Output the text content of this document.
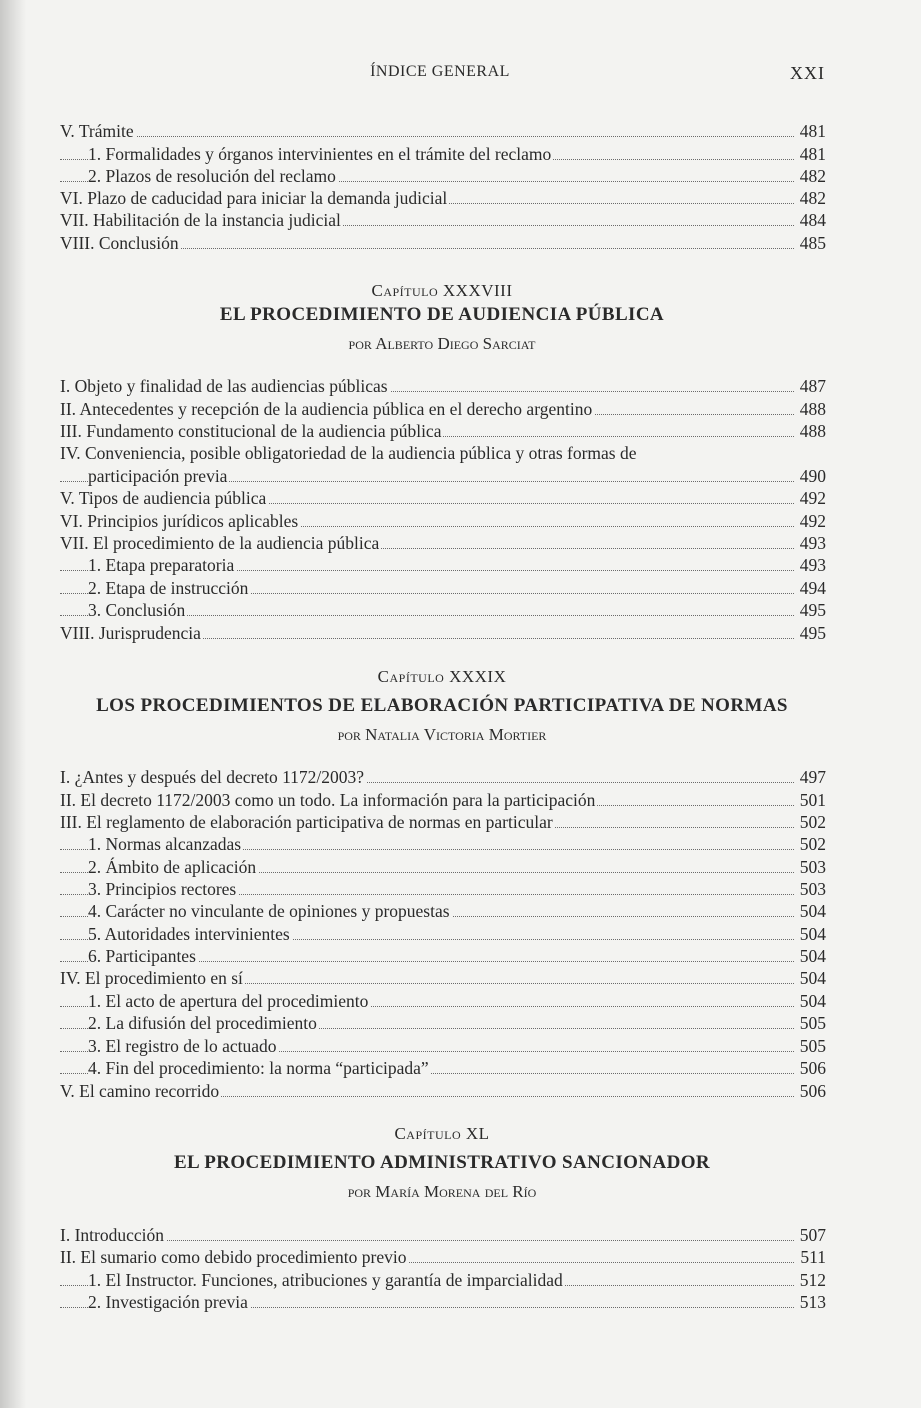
ÍNDICE GENERAL	XXI
V. Trámite	481
1. Formalidades y órganos intervinientes en el trámite del reclamo	481
2. Plazos de resolución del reclamo	482
VI. Plazo de caducidad para iniciar la demanda judicial	482
VII. Habilitación de la instancia judicial	484
VIII. Conclusión	485
Capítulo XXXVIII
EL PROCEDIMIENTO DE AUDIENCIA PÚBLICA
por Alberto Diego Sarciat
I. Objeto y finalidad de las audiencias públicas	487
II. Antecedentes y recepción de la audiencia pública en el derecho argentino	488
III. Fundamento constitucional de la audiencia pública	488
IV. Conveniencia, posible obligatoriedad de la audiencia pública y otras formas de
participación previa	490
V. Tipos de audiencia pública	492
VI. Principios jurídicos aplicables	492
VII. El procedimiento de la audiencia pública	493
1. Etapa preparatoria	493
2. Etapa de instrucción	494
3. Conclusión	495
VIII. Jurisprudencia	495
Capítulo XXXIX
LOS PROCEDIMIENTOS DE ELABORACIÓN PARTICIPATIVA DE NORMAS
por Natalia Victoria Mortier
I. ¿Antes y después del decreto 1172/2003?	497
II. El decreto 1172/2003 como un todo. La información para la participación	501
III. El reglamento de elaboración participativa de normas en particular	502
1. Normas alcanzadas	502
2. Ámbito de aplicación	503
3. Principios rectores	503
4. Carácter no vinculante de opiniones y propuestas	504
5. Autoridades intervinientes	504
6. Participantes	504
IV. El procedimiento en sí	504
1. El acto de apertura del procedimiento	504
2. La difusión del procedimiento	505
3. El registro de lo actuado	505
4. Fin del procedimiento: la norma “participada”	506
V. El camino recorrido	506
Capítulo XL
EL PROCEDIMIENTO ADMINISTRATIVO SANCIONADOR
por María Morena del Río
I. Introducción	507
II. El sumario como debido procedimiento previo	511
1. El Instructor. Funciones, atribuciones y garantía de imparcialidad	512
2. Investigación previa	513
